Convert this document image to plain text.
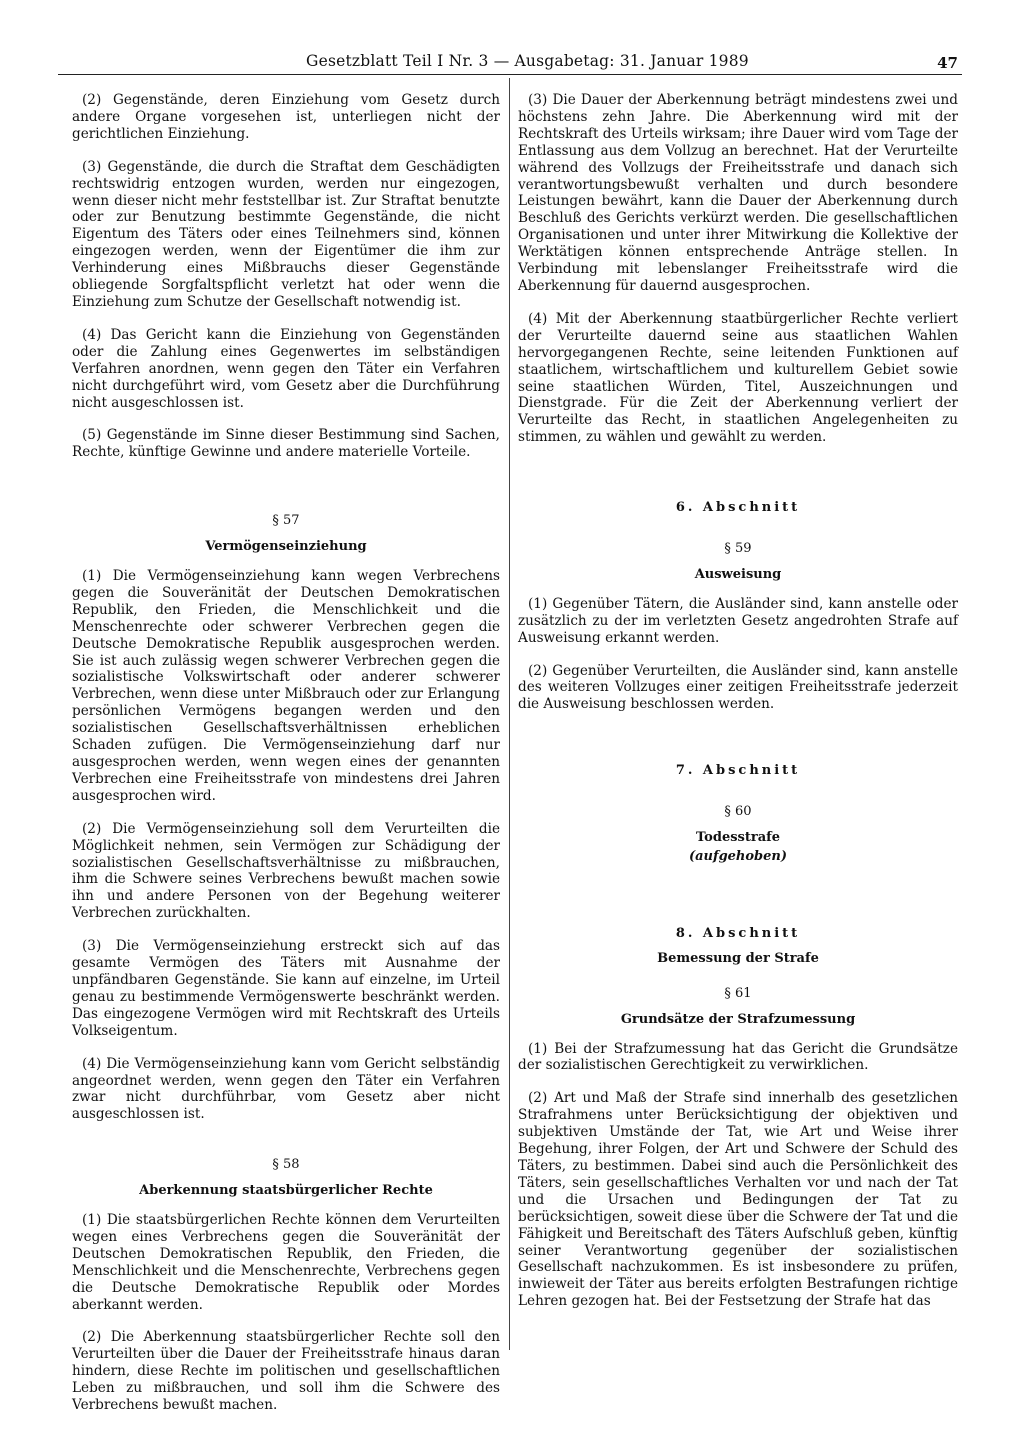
Gesetzblatt Teil I Nr. 3 — Ausgabetag: 31. Januar 1989	47

(2) Gegenstände, deren Einziehung vom Gesetz durch andere Organe vorgesehen ist, unterliegen nicht der gerichtlichen Einziehung.

(3) Gegenstände, die durch die Straftat dem Geschädigten rechtswidrig entzogen wurden, werden nur eingezogen, wenn dieser nicht mehr feststellbar ist. Zur Straftat benutzte oder zur Benutzung bestimmte Gegenstände, die nicht Eigentum des Täters oder eines Teilnehmers sind, können eingezogen werden, wenn der Eigentümer die ihm zur Verhinderung eines Mißbrauchs dieser Gegenstände obliegende Sorgfaltspflicht verletzt hat oder wenn die Einziehung zum Schutze der Gesellschaft notwendig ist.

(4) Das Gericht kann die Einziehung von Gegenständen oder die Zahlung eines Gegenwertes im selbständigen Verfahren anordnen, wenn gegen den Täter ein Verfahren nicht durchgeführt wird, vom Gesetz aber die Durchführung nicht ausgeschlossen ist.

(5) Gegenstände im Sinne dieser Bestimmung sind Sachen, Rechte, künftige Gewinne und andere materielle Vorteile.

§ 57
Vermögenseinziehung

(1) Die Vermögenseinziehung kann wegen Verbrechens gegen die Souveränität der Deutschen Demokratischen Republik, den Frieden, die Menschlichkeit und die Menschenrechte oder schwerer Verbrechen gegen die Deutsche Demokratische Republik ausgesprochen werden. Sie ist auch zulässig wegen schwerer Verbrechen gegen die sozialistische Volkswirtschaft oder anderer schwerer Verbrechen, wenn diese unter Mißbrauch oder zur Erlangung persönlichen Vermögens begangen werden und den sozialistischen Gesellschaftsverhältnissen erheblichen Schaden zufügen. Die Vermögenseinziehung darf nur ausgesprochen werden, wenn wegen eines der genannten Verbrechen eine Freiheitsstrafe von mindestens drei Jahren ausgesprochen wird.

(2) Die Vermögenseinziehung soll dem Verurteilten die Möglichkeit nehmen, sein Vermögen zur Schädigung der sozialistischen Gesellschaftsverhältnisse zu mißbrauchen, ihm die Schwere seines Verbrechens bewußt machen sowie ihn und andere Personen von der Begehung weiterer Verbrechen zurückhalten.

(3) Die Vermögenseinziehung erstreckt sich auf das gesamte Vermögen des Täters mit Ausnahme der unpfändbaren Gegenstände. Sie kann auf einzelne, im Urteil genau zu bestimmende Vermögenswerte beschränkt werden. Das eingezogene Vermögen wird mit Rechtskraft des Urteils Volkseigentum.

(4) Die Vermögenseinziehung kann vom Gericht selbständig angeordnet werden, wenn gegen den Täter ein Verfahren zwar nicht durchführbar, vom Gesetz aber nicht ausgeschlossen ist.

§ 58
Aberkennung staatsbürgerlicher Rechte

(1) Die staatsbürgerlichen Rechte können dem Verurteilten wegen eines Verbrechens gegen die Souveränität der Deutschen Demokratischen Republik, den Frieden, die Menschlichkeit und die Menschenrechte, Verbrechens gegen die Deutsche Demokratische Republik oder Mordes aberkannt werden.

(2) Die Aberkennung staatsbürgerlicher Rechte soll den Verurteilten über die Dauer der Freiheitsstrafe hinaus daran hindern, diese Rechte im politischen und gesellschaftlichen Leben zu mißbrauchen, und soll ihm die Schwere des Verbrechens bewußt machen.

(3) Die Dauer der Aberkennung beträgt mindestens zwei und höchstens zehn Jahre. Die Aberkennung wird mit der Rechtskraft des Urteils wirksam; ihre Dauer wird vom Tage der Entlassung aus dem Vollzug an berechnet. Hat der Verurteilte während des Vollzugs der Freiheitsstrafe und danach sich verantwortungsbewußt verhalten und durch besondere Leistungen bewährt, kann die Dauer der Aberkennung durch Beschluß des Gerichts verkürzt werden. Die gesellschaftlichen Organisationen und unter ihrer Mitwirkung die Kollektive der Werktätigen können entsprechende Anträge stellen. In Verbindung mit lebenslanger Freiheitsstrafe wird die Aberkennung für dauernd ausgesprochen.

(4) Mit der Aberkennung staatbürgerlicher Rechte verliert der Verurteilte dauernd seine aus staatlichen Wahlen hervorgegangenen Rechte, seine leitenden Funktionen auf staatlichem, wirtschaftlichem und kulturellem Gebiet sowie seine staatlichen Würden, Titel, Auszeichnungen und Dienstgrade. Für die Zeit der Aberkennung verliert der Verurteilte das Recht, in staatlichen Angelegenheiten zu stimmen, zu wählen und gewählt zu werden.

6. Abschnitt
§ 59
Ausweisung

(1) Gegenüber Tätern, die Ausländer sind, kann anstelle oder zusätzlich zu der im verletzten Gesetz angedrohten Strafe auf Ausweisung erkannt werden.

(2) Gegenüber Verurteilten, die Ausländer sind, kann anstelle des weiteren Vollzuges einer zeitigen Freiheitsstrafe jederzeit die Ausweisung beschlossen werden.

7. Abschnitt
§ 60
Todesstrafe
(aufgehoben)
8. Abschnitt
Bemessung der Strafe
§ 61
Grundsätze der Strafzumessung

(1) Bei der Strafzumessung hat das Gericht die Grundsätze der sozialistischen Gerechtigkeit zu verwirklichen.

(2) Art und Maß der Strafe sind innerhalb des gesetzlichen Strafrahmens unter Berücksichtigung der objektiven und subjektiven Umstände der Tat, wie Art und Weise ihrer Begehung, ihrer Folgen, der Art und Schwere der Schuld des Täters, zu bestimmen. Dabei sind auch die Persönlichkeit des Täters, sein gesellschaftliches Verhalten vor und nach der Tat und die Ursachen und Bedingungen der Tat zu berücksichtigen, soweit diese über die Schwere der Tat und die Fähigkeit und Bereitschaft des Täters Aufschluß geben, künftig seiner Verantwortung gegenüber der sozialistischen Gesellschaft nachzukommen. Es ist insbesondere zu prüfen, inwieweit der Täter aus bereits erfolgten Bestrafungen richtige Lehren gezogen hat. Bei der Festsetzung der Strafe hat das
